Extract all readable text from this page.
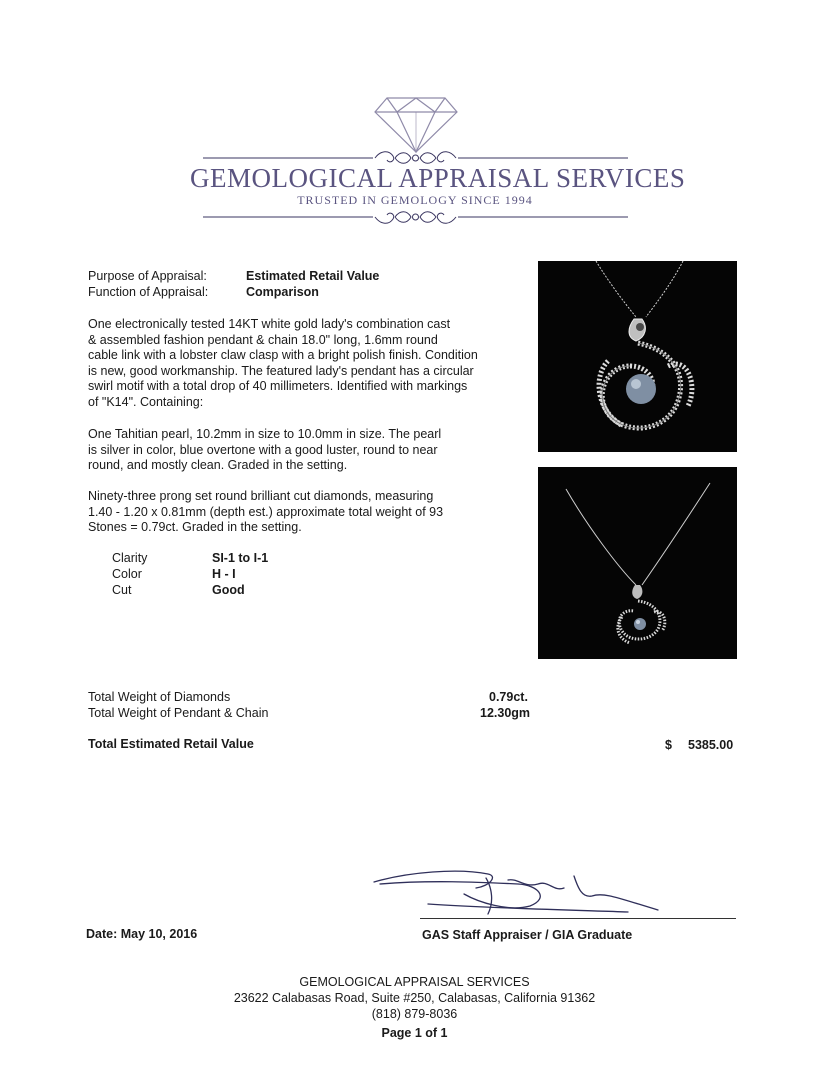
GEMOLOGICAL APPRAISAL SERVICES
TRUSTED IN GEMOLOGY SINCE 1994
Purpose of Appraisal:	Estimated Retail Value
Function of Appraisal:	Comparison
One electronically tested 14KT white gold lady's combination cast
& assembled fashion pendant & chain 18.0" long, 1.6mm round
cable link with a lobster claw clasp with a bright polish finish. Condition
is new, good workmanship. The featured lady's pendant has a circular
swirl motif with a total drop of 40 millimeters. Identified with markings
of "K14". Containing:
One Tahitian pearl, 10.2mm in size to 10.0mm in size. The pearl
is silver in color, blue overtone with a good luster, round to near
round, and mostly clean. Graded in the setting.
Ninety-three prong set round brilliant cut diamonds, measuring
1.40 - 1.20 x 0.81mm (depth est.) approximate total weight of 93
Stones = 0.79ct. Graded in the setting.
Clarity	SI-1 to I-1
Color	H - I
Cut	Good
Total Weight of Diamonds	0.79ct.
Total Weight of Pendant & Chain	12.30gm
Total Estimated Retail Value	$ 5385.00
Date: May 10, 2016	GAS Staff Appraiser / GIA Graduate
GEMOLOGICAL APPRAISAL SERVICES
23622 Calabasas Road, Suite #250, Calabasas, California 91362
(818) 879-8036
Page 1 of 1
